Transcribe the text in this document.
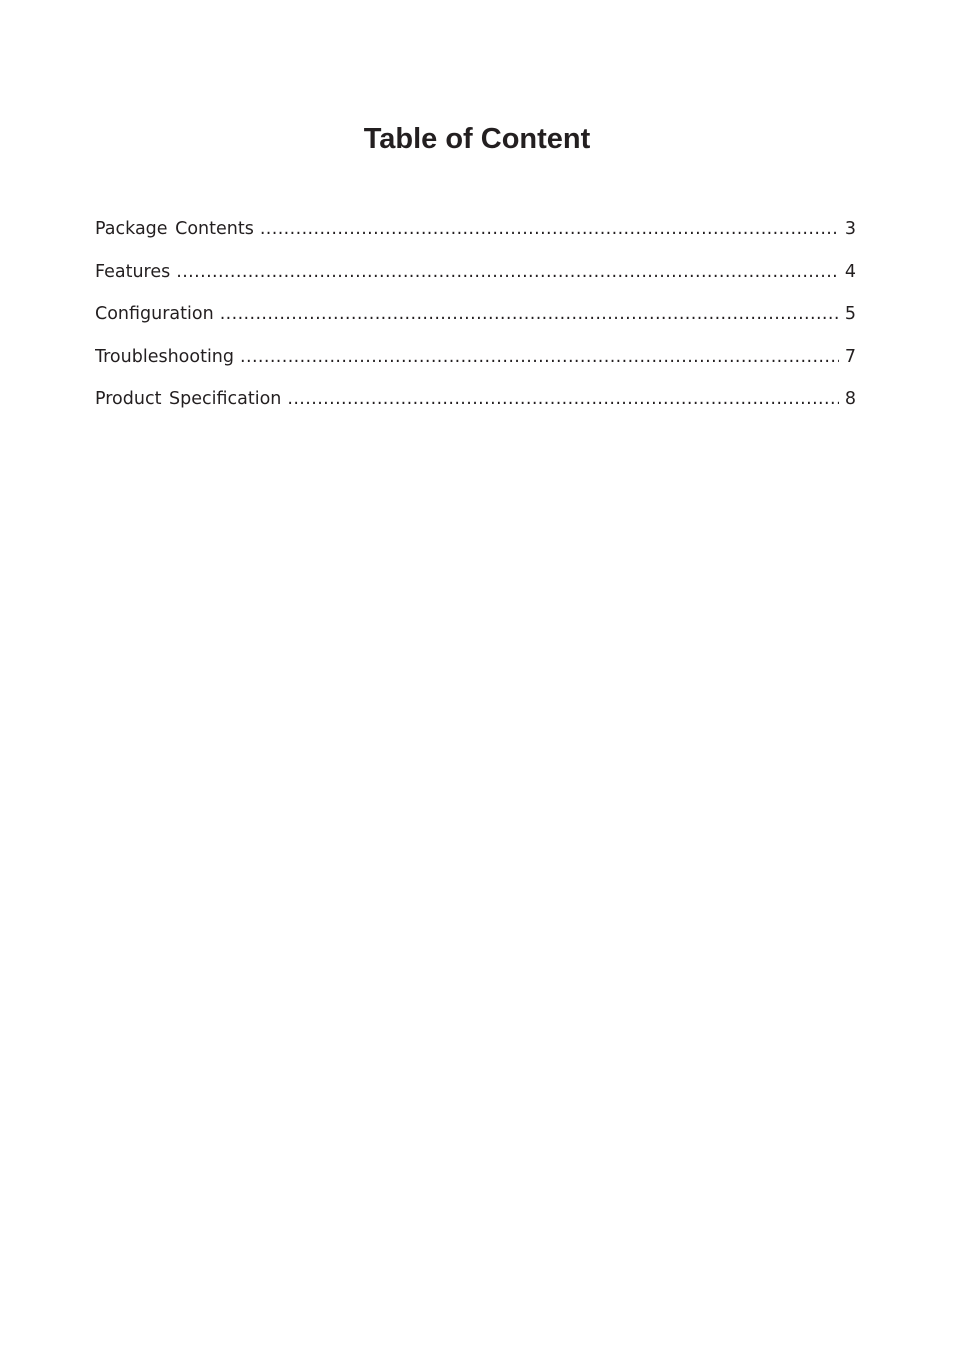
Table of Content
Package Contents .....	3
Features .....	4
Configuration .....	5
Troubleshooting .....	7
Product Specification .....	8
